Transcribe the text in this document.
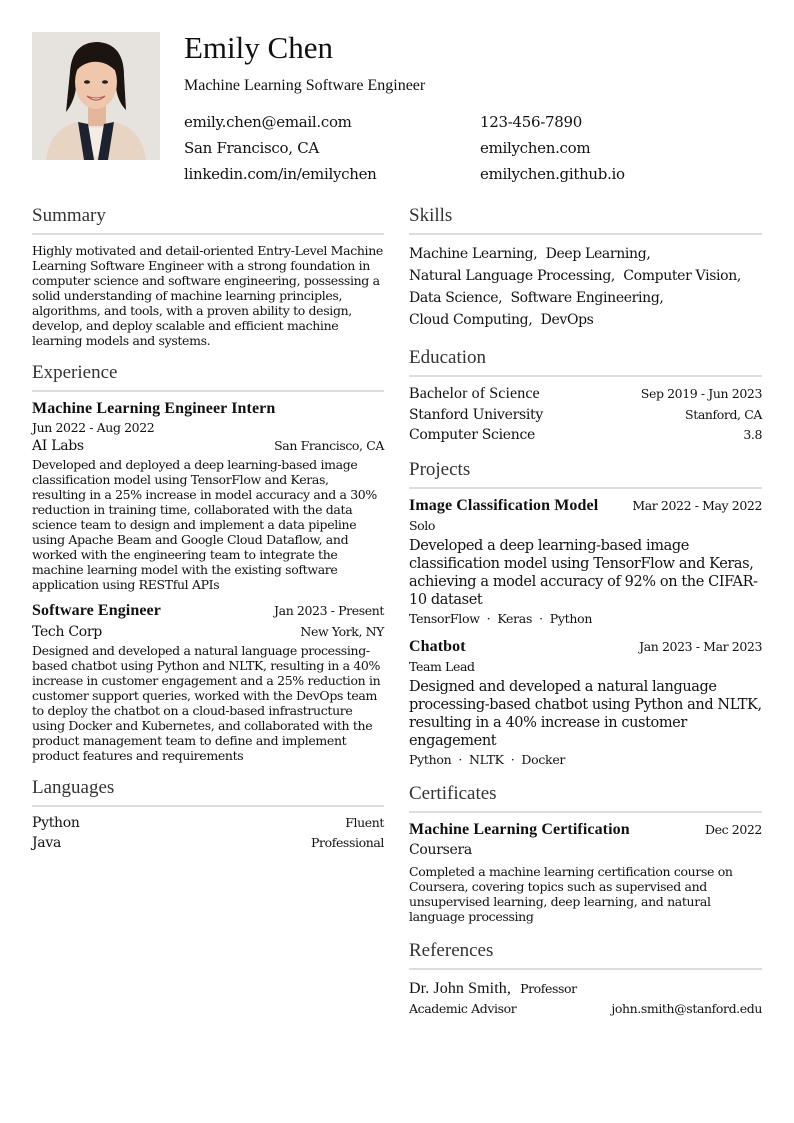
Emily Chen
Machine Learning Software Engineer
emily.chen@email.com	123-456-7890
San Francisco, CA	emilychen.com
linkedin.com/in/emilychen	emilychen.github.io
Summary
Highly motivated and detail-oriented Entry-Level Machine Learning Software Engineer with a strong foundation in computer science and software engineering, possessing a solid understanding of machine learning principles, algorithms, and tools, with a proven ability to design, develop, and deploy scalable and efficient machine learning models and systems.
Experience
Machine Learning Engineer Intern
Jun 2022 - Aug 2022
AI Labs	San Francisco, CA
Developed and deployed a deep learning-based image classification model using TensorFlow and Keras, resulting in a 25% increase in model accuracy and a 30% reduction in training time, collaborated with the data science team to design and implement a data pipeline using Apache Beam and Google Cloud Dataflow, and worked with the engineering team to integrate the machine learning model with the existing software application using RESTful APIs
Software Engineer	Jan 2023 - Present
Tech Corp	New York, NY
Designed and developed a natural language processing-based chatbot using Python and NLTK, resulting in a 40% increase in customer engagement and a 25% reduction in customer support queries, worked with the DevOps team to deploy the chatbot on a cloud-based infrastructure using Docker and Kubernetes, and collaborated with the product management team to define and implement product features and requirements
Languages
Python	Fluent
Java	Professional
Skills
Machine Learning, Deep Learning,
Natural Language Processing, Computer Vision,
Data Science, Software Engineering,
Cloud Computing, DevOps
Education
Bachelor of Science	Sep 2019 - Jun 2023
Stanford University	Stanford, CA
Computer Science	3.8
Projects
Image Classification Model	Mar 2022 - May 2022
Solo
Developed a deep learning-based image classification model using TensorFlow and Keras, achieving a model accuracy of 92% on the CIFAR-10 dataset
TensorFlow · Keras · Python
Chatbot	Jan 2023 - Mar 2023
Team Lead
Designed and developed a natural language processing-based chatbot using Python and NLTK, resulting in a 40% increase in customer engagement
Python · NLTK · Docker
Certificates
Machine Learning Certification	Dec 2022
Coursera
Completed a machine learning certification course on Coursera, covering topics such as supervised and unsupervised learning, deep learning, and natural language processing
References
Dr. John Smith, Professor
Academic Advisor	john.smith@stanford.edu
